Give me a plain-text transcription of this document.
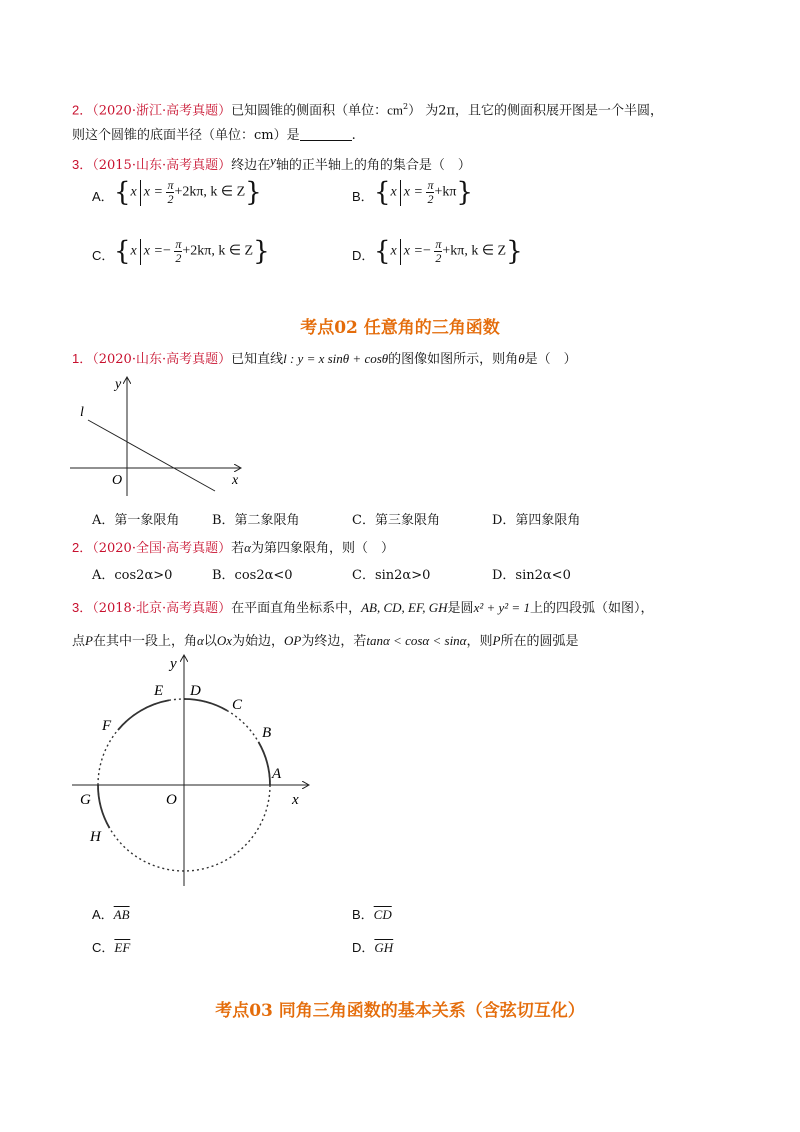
2．（2020·浙江·高考真题）已知圆锥的侧面积（单位：$cm^2$） 为2π，且它的侧面积展开图是一个半圆，
则这个圆锥的底面半径（单位：cm）是	.
3．（2015·山东·高考真题）终边在y轴的正半轴上的角的集合是（　）
A． {x $x = \frac{\pi}{2} +2k\pi$, k ∈ Z}	B． {x $x = \frac{\pi}{2} +k\pi$}
C． {x $x =- \frac{\pi}{2} +2k\pi$, k ∈ Z}	D． {x $x =- \frac{\pi}{2} +k\pi$, k ∈ Z}
考点02 任意角的三角函数
1．（2020·山东·高考真题）已知直线l : y = x sinθ + cosθ的图像如图所示，则角θ是（　）
y
x
O
l
A．第一象限角	B．第二象限角	C．第三象限角	D．第四象限角
2．（2020·全国·高考真题）若α为第四象限角，则（　）
A．cos2α>0	B．cos2α<0	C．sin2α>0	D．sin2α<0
3．（2018·北京·高考真题）在平面直角坐标系中，AB, CD, EF, GH是圆x² + y² = 1上的四段弧（如图），
点P在其中一段上，角α以Ox为始边，OP为终边，若tanα < cosα < sinα，则P所在的圆弧是
y
x
O
A
B
C
D
E
F
G
H
A．$\overline{AB}$	B．$\overline{CD}$
C．$\overline{EF}$	D．$\overline{GH}$
考点03 同角三角函数的基本关系（含弦切互化）
